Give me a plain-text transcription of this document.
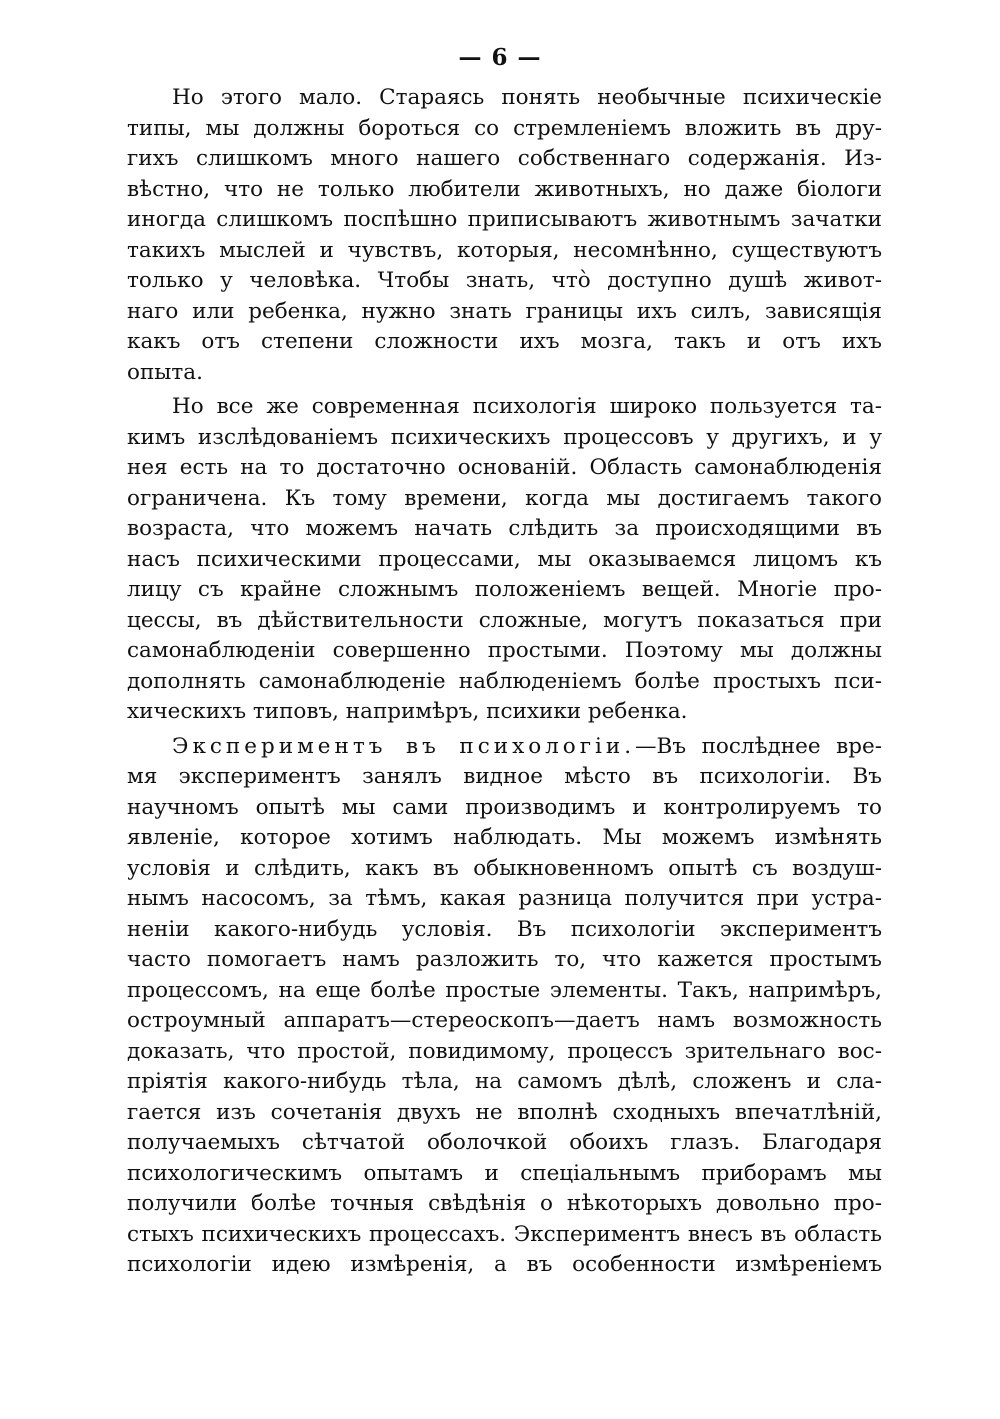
— 6 —
Но этого мало. Стараясь понять необычные психическіе
типы, мы должны бороться со стремленіемъ вложить въ дру-
гихъ слишкомъ много нашего собственнаго содержанія. Из-
вѣстно, что не только любители животныхъ, но даже біологи
иногда слишкомъ поспѣшно приписываютъ животнымъ зачатки
такихъ мыслей и чувствъ, которыя, несомнѣнно, существуютъ
только у человѣка. Чтобы знать, что̀ доступно душѣ живот-
наго или ребенка, нужно знать границы ихъ силъ, зависящія
какъ отъ степени сложности ихъ мозга, такъ и отъ ихъ
опыта.
Но все же современная психологія широко пользуется та-
кимъ изслѣдованіемъ психическихъ процессовъ у другихъ, и у
нея есть на то достаточно основаній. Область самонаблюденія
ограничена. Къ тому времени, когда мы достигаемъ такого
возраста, что можемъ начать слѣдить за происходящими въ
насъ психическими процессами, мы оказываемся лицомъ къ
лицу съ крайне сложнымъ положеніемъ вещей. Многіе про-
цессы, въ дѣйствительности сложные, могутъ показаться при
самонаблюденіи совершенно простыми. Поэтому мы должны
дополнять самонаблюденіе наблюденіемъ болѣе простыхъ пси-
хическихъ типовъ, напримѣръ, психики ребенка.
Экспериментъ въ психологіи.—Въ послѣднее вре-
мя экспериментъ занялъ видное мѣсто въ психологіи. Въ
научномъ опытѣ мы сами производимъ и контролируемъ то
явленіе, которое хотимъ наблюдать. Мы можемъ измѣнять
условія и слѣдить, какъ въ обыкновенномъ опытѣ съ воздуш-
нымъ насосомъ, за тѣмъ, какая разница получится при устра-
неніи какого-нибудь условія. Въ психологіи экспериментъ
часто помогаетъ намъ разложить то, что кажется простымъ
процессомъ, на еще болѣе простые элементы. Такъ, напримѣръ,
остроумный аппаратъ—стереоскопъ—даетъ намъ возможность
доказать, что простой, повидимому, процессъ зрительнаго вос-
пріятія какого-нибудь тѣла, на самомъ дѣлѣ, сложенъ и сла-
гается изъ сочетанія двухъ не вполнѣ сходныхъ впечатлѣній,
получаемыхъ сѣтчатой оболочкой обоихъ глазъ. Благодаря
психологическимъ опытамъ и спеціальнымъ приборамъ мы
получили болѣе точныя свѣдѣнія о нѣкоторыхъ довольно про-
стыхъ психическихъ процессахъ. Экспериментъ внесъ въ область
психологіи идею измѣренія, а въ особенности измѣреніемъ
